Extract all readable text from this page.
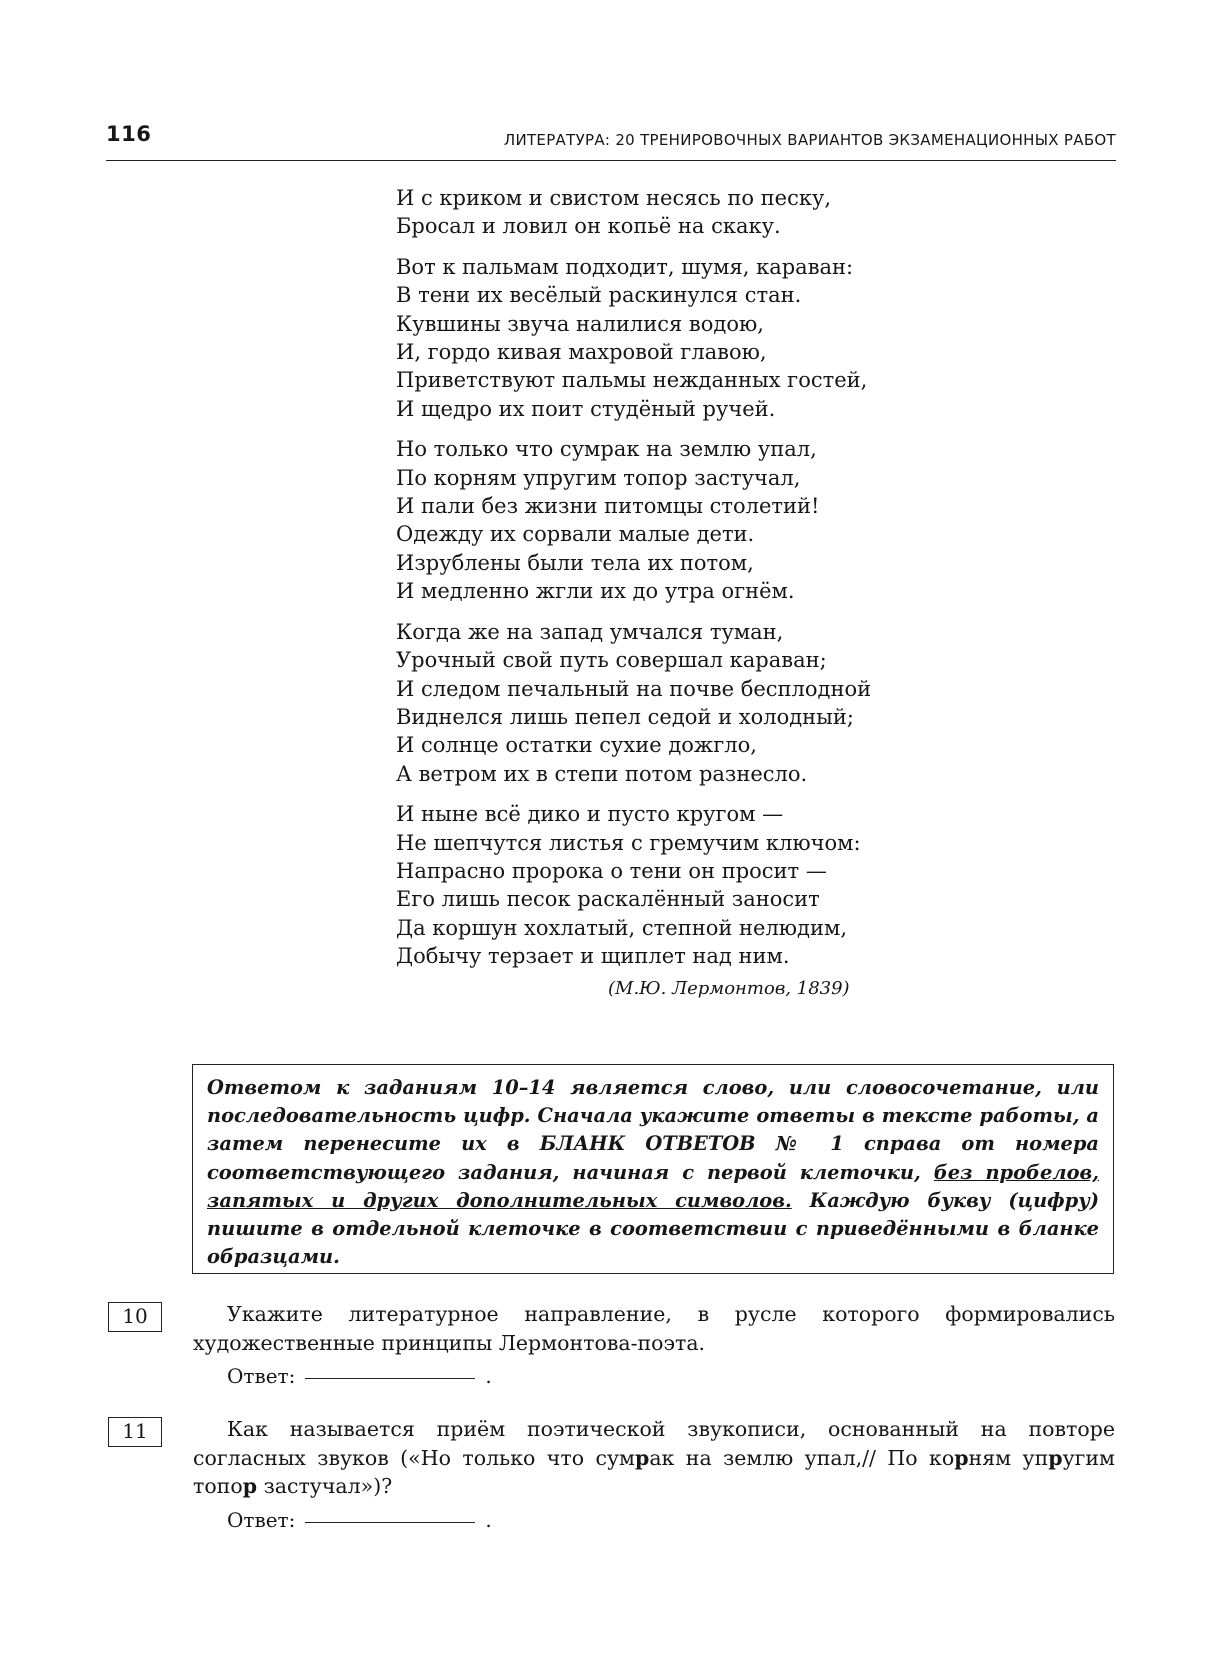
116	ЛИТЕРАТУРА: 20 ТРЕНИРОВОЧНЫХ ВАРИАНТОВ ЭКЗАМЕНАЦИОННЫХ РАБОТ
И с криком и свистом несясь по песку,
Бросал и ловил он копьё на скаку.
Вот к пальмам подходит, шумя, караван:
В тени их весёлый раскинулся стан.
Кувшины звуча налилися водою,
И, гордо кивая махровой главою,
Приветствуют пальмы нежданных гостей,
И щедро их поит студёный ручей.
Но только что сумрак на землю упал,
По корням упругим топор застучал,
И пали без жизни питомцы столетий!
Одежду их сорвали малые дети.
Изрублены были тела их потом,
И медленно жгли их до утра огнём.
Когда же на запад умчался туман,
Урочный свой путь совершал караван;
И следом печальный на почве бесплодной
Виднелся лишь пепел седой и холодный;
И солнце остатки сухие дожгло,
А ветром их в степи потом разнесло.
И ныне всё дико и пусто кругом —
Не шепчутся листья с гремучим ключом:
Напрасно пророка о тени он просит —
Его лишь песок раскалённый заносит
Да коршун хохлатый, степной нелюдим,
Добычу терзает и щиплет над ним.
(М.Ю. Лермонтов, 1839)
Ответом к заданиям 10–14 является слово, или словосочетание, или последовательность цифр. Сначала укажите ответы в тексте работы, а затем перенесите их в БЛАНК ОТВЕТОВ № 1 справа от номера соответствующего задания, начиная с первой клеточки, без пробелов, запятых и других дополнительных символов. Каждую букву (цифру) пишите в отдельной клеточке в соответствии с приведёнными в бланке образцами.
10	Укажите литературное направление, в русле которого формировались художественные принципы Лермонтова-поэта.
Ответ:	.
11	Как называется приём поэтической звукописи, основанный на повторе согласных звуков («Но только что сумрак на землю упал,// По корням упругим топор застучал»)?
Ответ:	.
